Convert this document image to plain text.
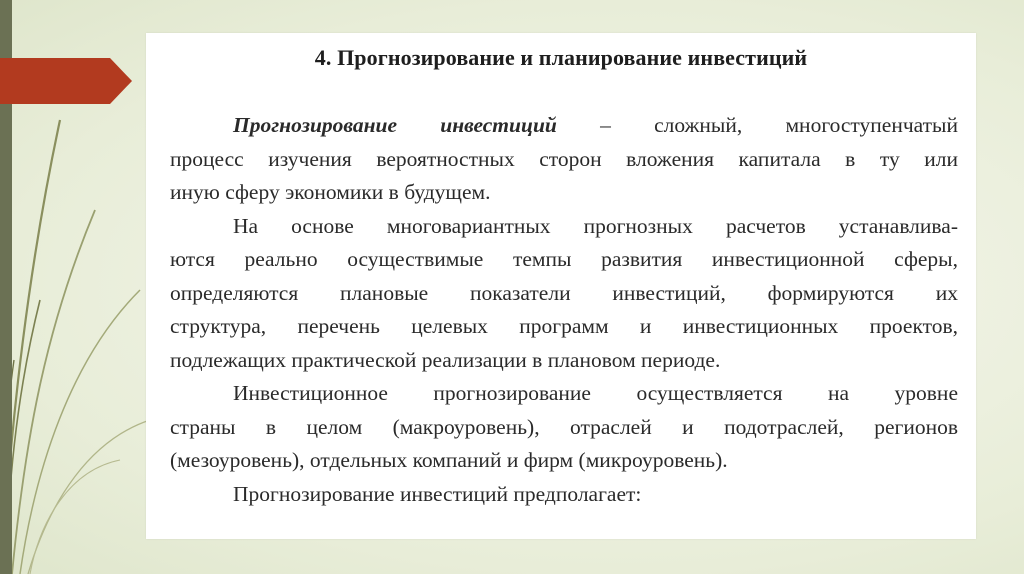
4. Прогнозирование и планирование инвестиций
Прогнозирование инвестиций – сложный, многоступенчатый
процесс изучения вероятностных сторон вложения капитала в ту или
иную сферу экономики в будущем.
На основе многовариантных прогнозных расчетов устанавлива-
ются реально осуществимые темпы развития инвестиционной сферы,
определяются плановые показатели инвестиций, формируются их
структура, перечень целевых программ и инвестиционных проектов,
подлежащих практической реализации в плановом периоде.
Инвестиционное прогнозирование осуществляется на уровне
страны в целом (макроуровень), отраслей и подотраслей, регионов
(мезоуровень), отдельных компаний и фирм (микроуровень).
Прогнозирование инвестиций предполагает:
